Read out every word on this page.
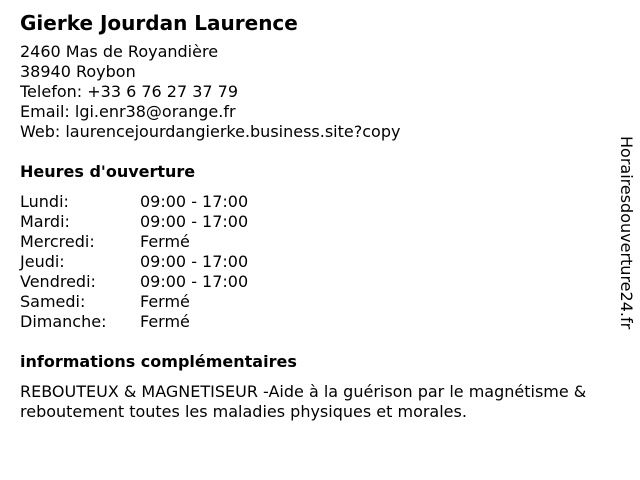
Gierke Jourdan Laurence
2460 Mas de Royandière
38940 Roybon
Telefon: +33 6 76 27 37 79
Email: lgi.enr38@orange.fr
Web: laurencejourdangierke.business.site?copy
Heures d'ouverture
Lundi:	09:00 - 17:00
Mardi:	09:00 - 17:00
Mercredi:	Fermé
Jeudi:	09:00 - 17:00
Vendredi:	09:00 - 17:00
Samedi:	Fermé
Dimanche: Fermé
informations complémentaires
REBOUTEUX & MAGNETISEUR -Aide à la guérison par le magnétisme & reboutement toutes les maladies physiques et morales.
Horairesdouverture24.fr
